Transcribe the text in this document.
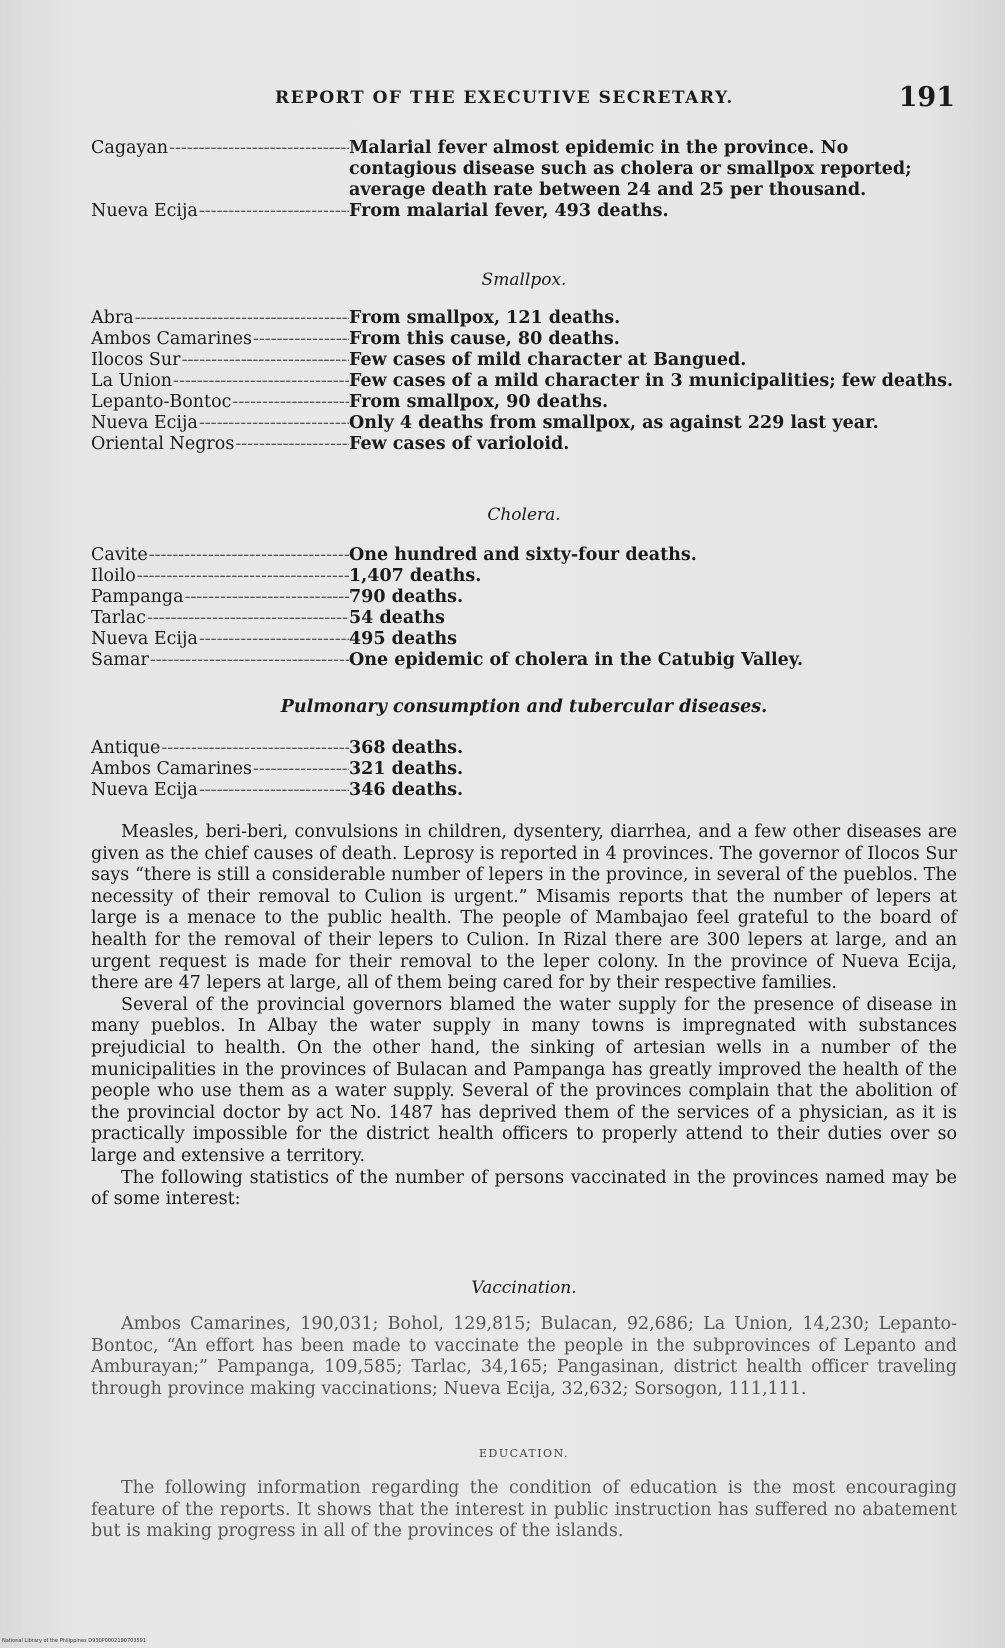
REPORT OF THE EXECUTIVE SECRETARY.	191
Cagayan -----	Malarial fever almost epidemic in the province. No contagious disease such as cholera or smallpox reported; average death rate between 24 and 25 per thousand.
Nueva Ecija -----	From malarial fever, 493 deaths.
Smallpox.
Abra -----	From smallpox, 121 deaths.
Ambos Camarines -----	From this cause, 80 deaths.
Ilocos Sur -----	Few cases of mild character at Bangued.
La Union -----	Few cases of a mild character in 3 municipalities; few deaths.
Lepanto-Bontoc -----	From smallpox, 90 deaths.
Nueva Ecija -----	Only 4 deaths from smallpox, as against 229 last year.
Oriental Negros -----	Few cases of varioloid.
Cholera.
Cavite -----	One hundred and sixty-four deaths.
Iloilo -----	1,407 deaths.
Pampanga -----	790 deaths.
Tarlac -----	54 deaths
Nueva Ecija -----	495 deaths
Samar -----	One epidemic of cholera in the Catubig Valley.
Pulmonary consumption and tubercular diseases.
Antique -----	368 deaths.
Ambos Camarines -----	321 deaths.
Nueva Ecija -----	346 deaths.

Measles, beri-beri, convulsions in children, dysentery, diarrhea, and a few other diseases are given as the chief causes of death. Leprosy is reported in 4 provinces. The governor of Ilocos Sur says “there is still a considerable number of lepers in the province, in several of the pueblos. The necessity of their removal to Culion is urgent.” Misamis reports that the number of lepers at large is a menace to the public health. The people of Mambajao feel grateful to the board of health for the removal of their lepers to Culion. In Rizal there are 300 lepers at large, and an urgent request is made for their removal to the leper colony. In the province of Nueva Ecija, there are 47 lepers at large, all of them being cared for by their respective families.

Several of the provincial governors blamed the water supply for the presence of disease in many pueblos. In Albay the water supply in many towns is impregnated with substances prejudicial to health. On the other hand, the sinking of artesian wells in a number of the municipalities in the provinces of Bulacan and Pampanga has greatly improved the health of the people who use them as a water supply. Several of the provinces complain that the abolition of the provincial doctor by act No. 1487 has deprived them of the services of a physician, as it is practically impossible for the district health officers to properly attend to their duties over so large and extensive a territory.

The following statistics of the number of persons vaccinated in the provinces named may be of some interest:

Vaccination.

Ambos Camarines, 190,031; Bohol, 129,815; Bulacan, 92,686; La Union, 14,230; Lepanto-Bontoc, “An effort has been made to vaccinate the people in the subprovinces of Lepanto and Amburayan;” Pampanga, 109,585; Tarlac, 34,165; Pangasinan, district health officer traveling through province making vaccinations; Nueva Ecija, 32,632; Sorsogon, 111,111.

EDUCATION.

The following information regarding the condition of education is the most encouraging feature of the reports. It shows that the interest in public instruction has suffered no abatement but is making progress in all of the provinces of the islands.

National Library of the Philippines D930P0002190703591
